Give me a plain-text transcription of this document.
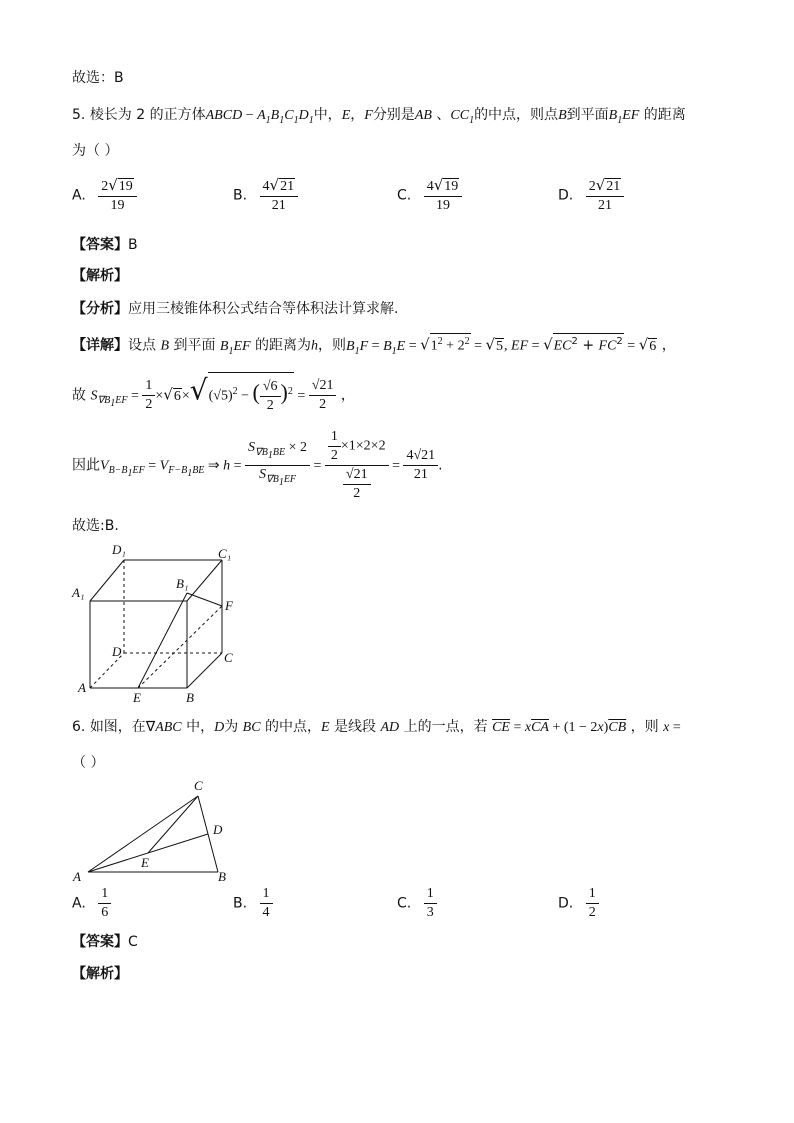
故选：B
5. 棱长为 2 的正方体ABCD − $A_1B_1C_1D_1$中，E，F分别是AB 、$CC_1$的中点，则点B到平面$B_1EF$ 的距离
为（ ）
A. $\frac{2√19}{19}$	B. $\frac{4√21}{21}$	C. $\frac{4√19}{19}$	D. $\frac{2√21}{21}$
【答案】B
【解析】
【分析】应用三棱锥体积公式结合等体积法计算求解.
【详解】设点 B 到平面 $B_1EF$ 的距离为h，则$B_1F = B_1E = √1^2 + 2^2 = √5$, EF = $√EC^2 + FC^2 = √6$ ，
故 $S_{\nabla B_1EF} = \frac{1}{2} \times√6\times√(√5)^2$ − ( $\frac{√6}{2} )^2 = \frac{√21}{2}$ ，
因此$V_{B-B_1EF} = V_{F-B_1BE}$ ⇒ $h = \frac{S_{\nabla B_1BE} \times 2}{S_{\nabla B_1EF}} = \frac{\frac{1}{2} \times 1\times 2\times 2}{\frac{√21}{2}} = \frac{4√21}{21}$ .
故选:B.
D₁	C₁
A₁
B₁
F
D	C
A
E	B
6. 如图，在∇ABC 中，D为 BC 的中点，E 是线段 AD 上的一点，若 $\overline{CE} = x\overline{CA} + (1 - 2x)\overline{CB}$ ，则 x =
（ ）
C
D
E
A	B
A. $\frac{1}{6}$	B. $\frac{1}{4}$	C. $\frac{1}{3}$	D. $\frac{1}{2}$
【答案】C
【解析】
